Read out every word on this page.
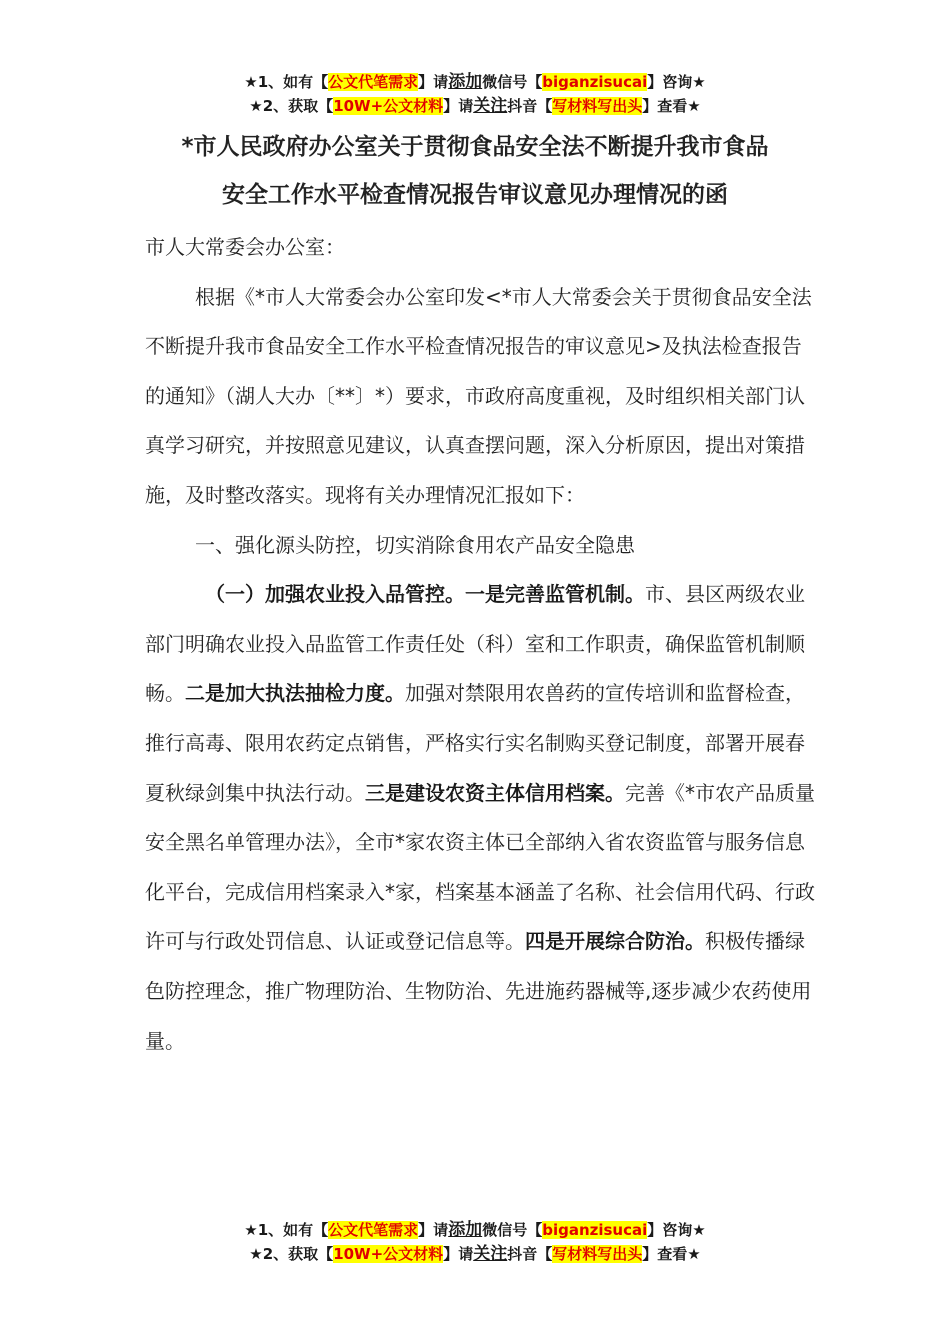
★1、如有【公文代笔需求】请添加微信号【biganzisucai】咨询★
★2、获取【10W+公文材料】请关注抖音【写材料写出头】查看★
*市人民政府办公室关于贯彻食品安全法不断提升我市食品
安全工作水平检查情况报告审议意见办理情况的函

市人大常委会办公室：

根据《*市人大常委会办公室印发<*市人大常委会关于贯彻食品安全法不断提升我市食品安全工作水平检查情况报告的审议意见>及执法检查报告的通知》（湖人大办〔**〕*）要求，市政府高度重视，及时组织相关部门认真学习研究，并按照意见建议，认真查摆问题，深入分析原因，提出对策措施，及时整改落实。现将有关办理情况汇报如下：

一、强化源头防控，切实消除食用农产品安全隐患

（一）加强农业投入品管控。一是完善监管机制。市、县区两级农业部门明确农业投入品监管工作责任处（科）室和工作职责，确保监管机制顺畅。二是加大执法抽检力度。加强对禁限用农兽药的宣传培训和监督检查，推行高毒、限用农药定点销售，严格实行实名制购买登记制度，部署开展春夏秋绿剑集中执法行动。三是建设农资主体信用档案。完善《*市农产品质量安全黑名单管理办法》，全市*家农资主体已全部纳入省农资监管与服务信息化平台，完成信用档案录入*家，档案基本涵盖了名称、社会信用代码、行政许可与行政处罚信息、认证或登记信息等。四是开展综合防治。积极传播绿色防控理念，推广物理防治、生物防治、先进施药器械等,逐步减少农药使用量。

★1、如有【公文代笔需求】请添加微信号【biganzisucai】咨询★
★2、获取【10W+公文材料】请关注抖音【写材料写出头】查看★
